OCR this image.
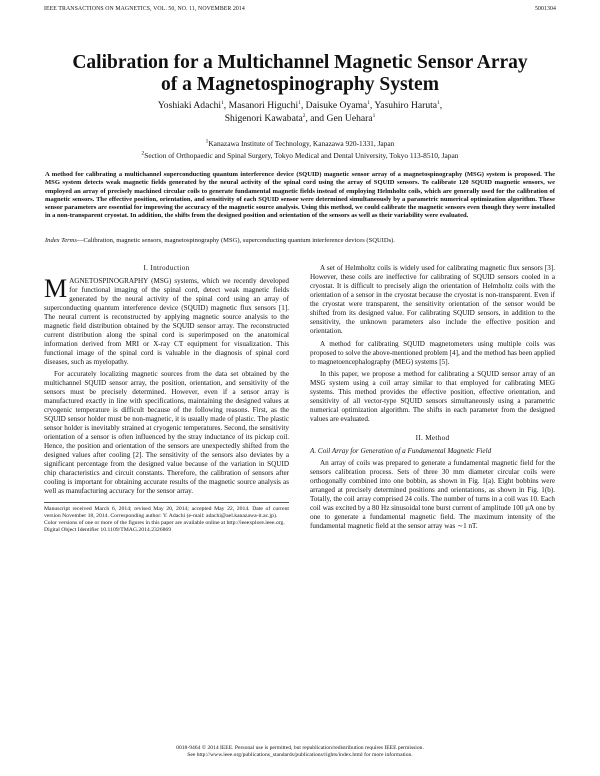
IEEE TRANSACTIONS ON MAGNETICS, VOL. 50, NO. 11, NOVEMBER 2014	5001304
Calibration for a Multichannel Magnetic Sensor Array
of a Magnetospinography System
Yoshiaki Adachi$^1$, Masanori Higuchi$^1$, Daisuke Oyama$^1$, Yasuhiro Haruta$^1$,
Shigenori Kawabata$^2$, and Gen Uehara$^1$
$^1$Kanazawa Institute of Technology, Kanazawa 920-1331, Japan
$^2$Section of Orthopaedic and Spinal Surgery, Tokyo Medical and Dental University, Tokyo 113-8510, Japan
A method for calibrating a multichannel superconducting quantum interference device (SQUID) magnetic sensor array of a magnetospinography (MSG) system is proposed. The MSG system detects weak magnetic fields generated by the neural activity of the spinal cord using the array of SQUID sensors. To calibrate 120 SQUID magnetic sensors, we employed an array of precisely machined circular coils to generate fundamental magnetic fields instead of employing Helmholtz coils, which are generally used for the calibration of magnetic sensors. The effective position, orientation, and sensitivity of each SQUID sensor were determined simultaneously by a parametric numerical optimization algorithm. These sensor parameters are essential for improving the accuracy of the magnetic source analysis. Using this method, we could calibrate the magnetic sensors even though they were installed in a non-transparent cryostat. In addition, the shifts from the designed position and orientation of the sensors as well as their variability were evaluated.
Index Terms—Calibration, magnetic sensors, magnetospinography (MSG), superconducting quantum interference devices (SQUIDs).
I. Introduction

MAGNETOSPINOGRAPHY (MSG) systems, which we recently developed for functional imaging of the spinal cord, detect weak magnetic fields generated by the neural activity of the spinal cord using an array of superconducting quantum interference device (SQUID) magnetic flux sensors [1]. The neural current is reconstructed by applying magnetic source analysis to the magnetic field distribution obtained by the SQUID sensor array. The reconstructed current distribution along the spinal cord is superimposed on the anatomical information derived from MRI or X-ray CT equipment for visualization. This functional image of the spinal cord is valuable in the diagnosis of spinal cord diseases, such as myelopathy.

For accurately localizing magnetic sources from the data set obtained by the multichannel SQUID sensor array, the position, orientation, and sensitivity of the sensors must be precisely determined. However, even if a sensor array is manufactured exactly in line with specifications, maintaining the designed values at cryogenic temperature is difficult because of the following reasons. First, as the SQUID sensor holder must be non-magnetic, it is usually made of plastic. The plastic sensor holder is inevitably strained at cryogenic temperatures. Second, the sensitivity orientation of a sensor is often influenced by the stray inductance of its pickup coil. Hence, the position and orientation of the sensors are unexpectedly shifted from the designed values after cooling [2]. The sensitivity of the sensors also deviates by a significant percentage from the designed value because of the variation in SQUID chip characteristics and circuit constants. Therefore, the calibration of sensors after cooling is important for obtaining accurate results of the magnetic source analysis as well as manufacturing accuracy for the sensor array.

Manuscript received March 6, 2014; revised May 20, 2014; accepted May 22, 2014. Date of current version November 18, 2014. Corresponding author: Y. Adachi (e-mail: adachi@ael.kanazawa-it.ac.jp).
Color versions of one or more of the figures in this paper are available online at http://ieeexplore.ieee.org.
Digital Object Identifier 10.1109/TMAG.2014.2326869

A set of Helmholtz coils is widely used for calibrating magnetic flux sensors [3]. However, these coils are ineffective for calibrating of SQUID sensors cooled in a cryostat. It is difficult to precisely align the orientation of Helmholtz coils with the orientation of a sensor in the cryostat because the cryostat is non-transparent. Even if the cryostat were transparent, the sensitivity orientation of the sensor would be shifted from its designed value. For calibrating SQUID sensors, in addition to the sensitivity, the unknown parameters also include the effective position and orientation.

A method for calibrating SQUID magnetometers using multiple coils was proposed to solve the above-mentioned problem [4], and the method has been applied to magnetoencephalography (MEG) systems [5].

In this paper, we propose a method for calibrating a SQUID sensor array of an MSG system using a coil array similar to that employed for calibrating MEG systems. This method provides the effective position, effective orientation, and sensitivity of all vector-type SQUID sensors simultaneously using a parametric numerical optimization algorithm. The shifts in each parameter from the designed values are evaluated.

II. Method
A. Coil Array for Generation of a Fundamental Magnetic Field

An array of coils was prepared to generate a fundamental magnetic field for the sensors calibration process. Sets of three 30 mm diameter circular coils were orthogonally combined into one bobbin, as shown in Fig. 1(a). Eight bobbins were arranged at precisely determined positions and orientations, as shown in Fig. 1(b). Totally, the coil array comprised 24 coils. The number of turns in a coil was 10. Each coil was excited by a 80 Hz sinusoidal tone burst current of amplitude 100 μA one by one to generate a fundamental magnetic field. The maximum intensity of the fundamental magnetic field at the sensor array was ∼1 nT.

0018-9464 © 2014 IEEE. Personal use is permitted, but republication/redistribution requires IEEE permission.
See http://www.ieee.org/publications_standards/publications/rights/index.html for more information.
